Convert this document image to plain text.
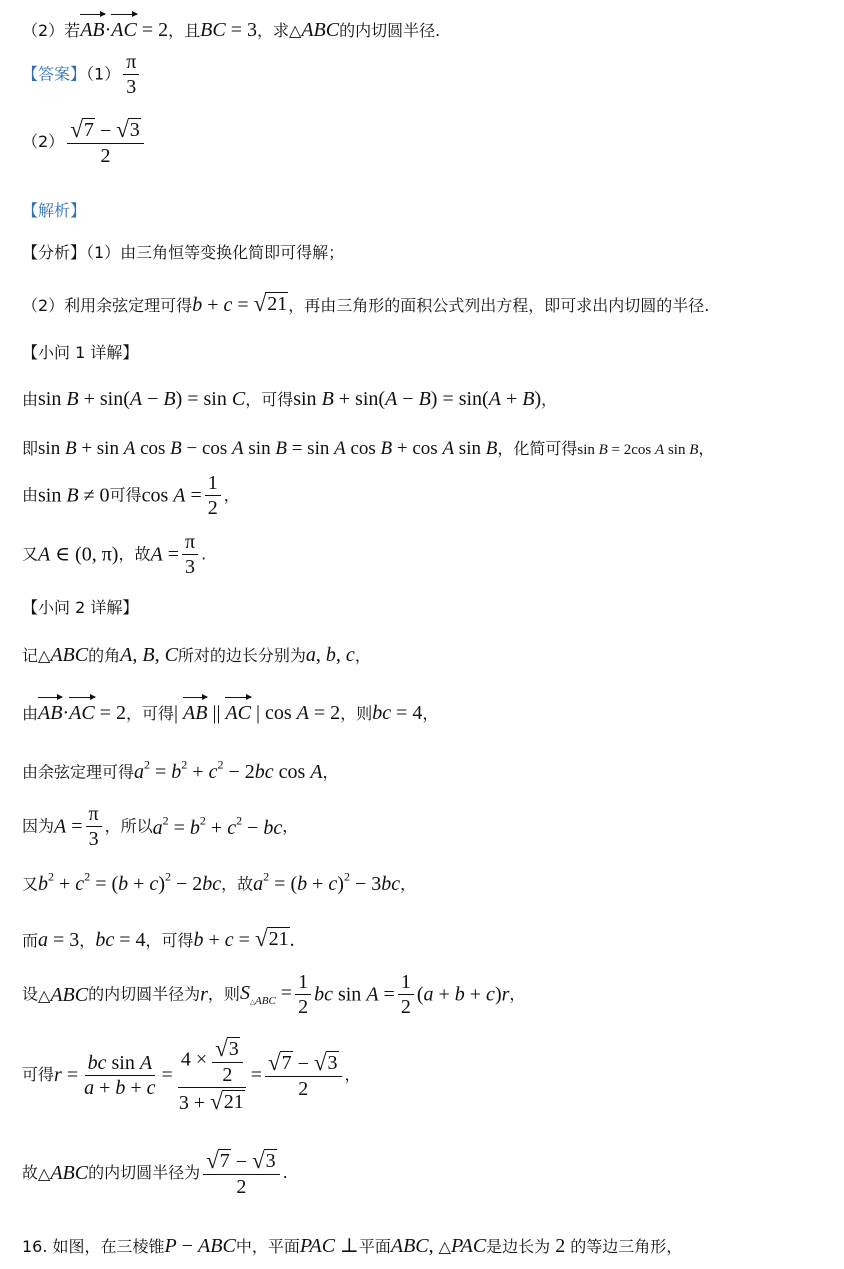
（2）若
AB·
AC = 2，且BC = 3，求△ABC的内切圆半径.
【答案】$(1) \frac{\pi}{3}$
$(2) \frac{√ 7 - √ 3}{2}$
【解析】
【分析】（1）由三角恒等变换化简即可得解；
（2）利用余弦定理可得b + c = √ 21 ，再由三角形的面积公式列出方程，即可求出内切圆的半径.
【小问 1 详解】
由sin B + sin(A − B) = sin C，可得sin B + sin(A − B) = sin(A + B)，
即sin B + sin A cos B − cos A sin B = sin A cos B + cos A sin B，化简可得sin B = 2cos A sin B，
由sin B ≠ 0可得$\cos A = \frac{1}{2}$ ，
又A ∈ (0, π)，故$A = \frac{\pi}{3}$ .
【小问 2 详解】
记△ABC的角A, B, C所对的边长分别为a, b, c，
由
AB·
AC = 2，可得|
AB ||
AC | cos A = 2，则bc = 4，
由余弦定理可得$a^2 = b^2 + c^2 - 2bc$ cos A，
因为$A = \frac{\pi}{3}$ ，所以$a^2 = b^2 + c^2$ − bc，
又$b^2 + c^2 = (b + c)^2 - 2bc$，故$a^2 = (b + c)^2 - 3bc$，
而a = 3，bc = 4，可得b + c = √ 21 .
设△ABC的内切圆半径为r，则$S_{\triangle ABC} = \frac{1}{2}$ bc $\sin A = \frac{1}{2} (a + b + c)r$，
可得$r = \frac{\text{bc sin A}}{a + b + c} = \frac{4 \times \frac{√ 3}{2}}{3 + √ 21} = \frac{√ 7 - √ 3}{2}$ ，
故△ABC的内切圆半径为 $\frac{√ 7 - √ 3}{2}$ .
16. 如图，在三棱锥P − ABC中，平面PAC ⊥平面ABC, △PAC是边长为 2 的等边三角形，
